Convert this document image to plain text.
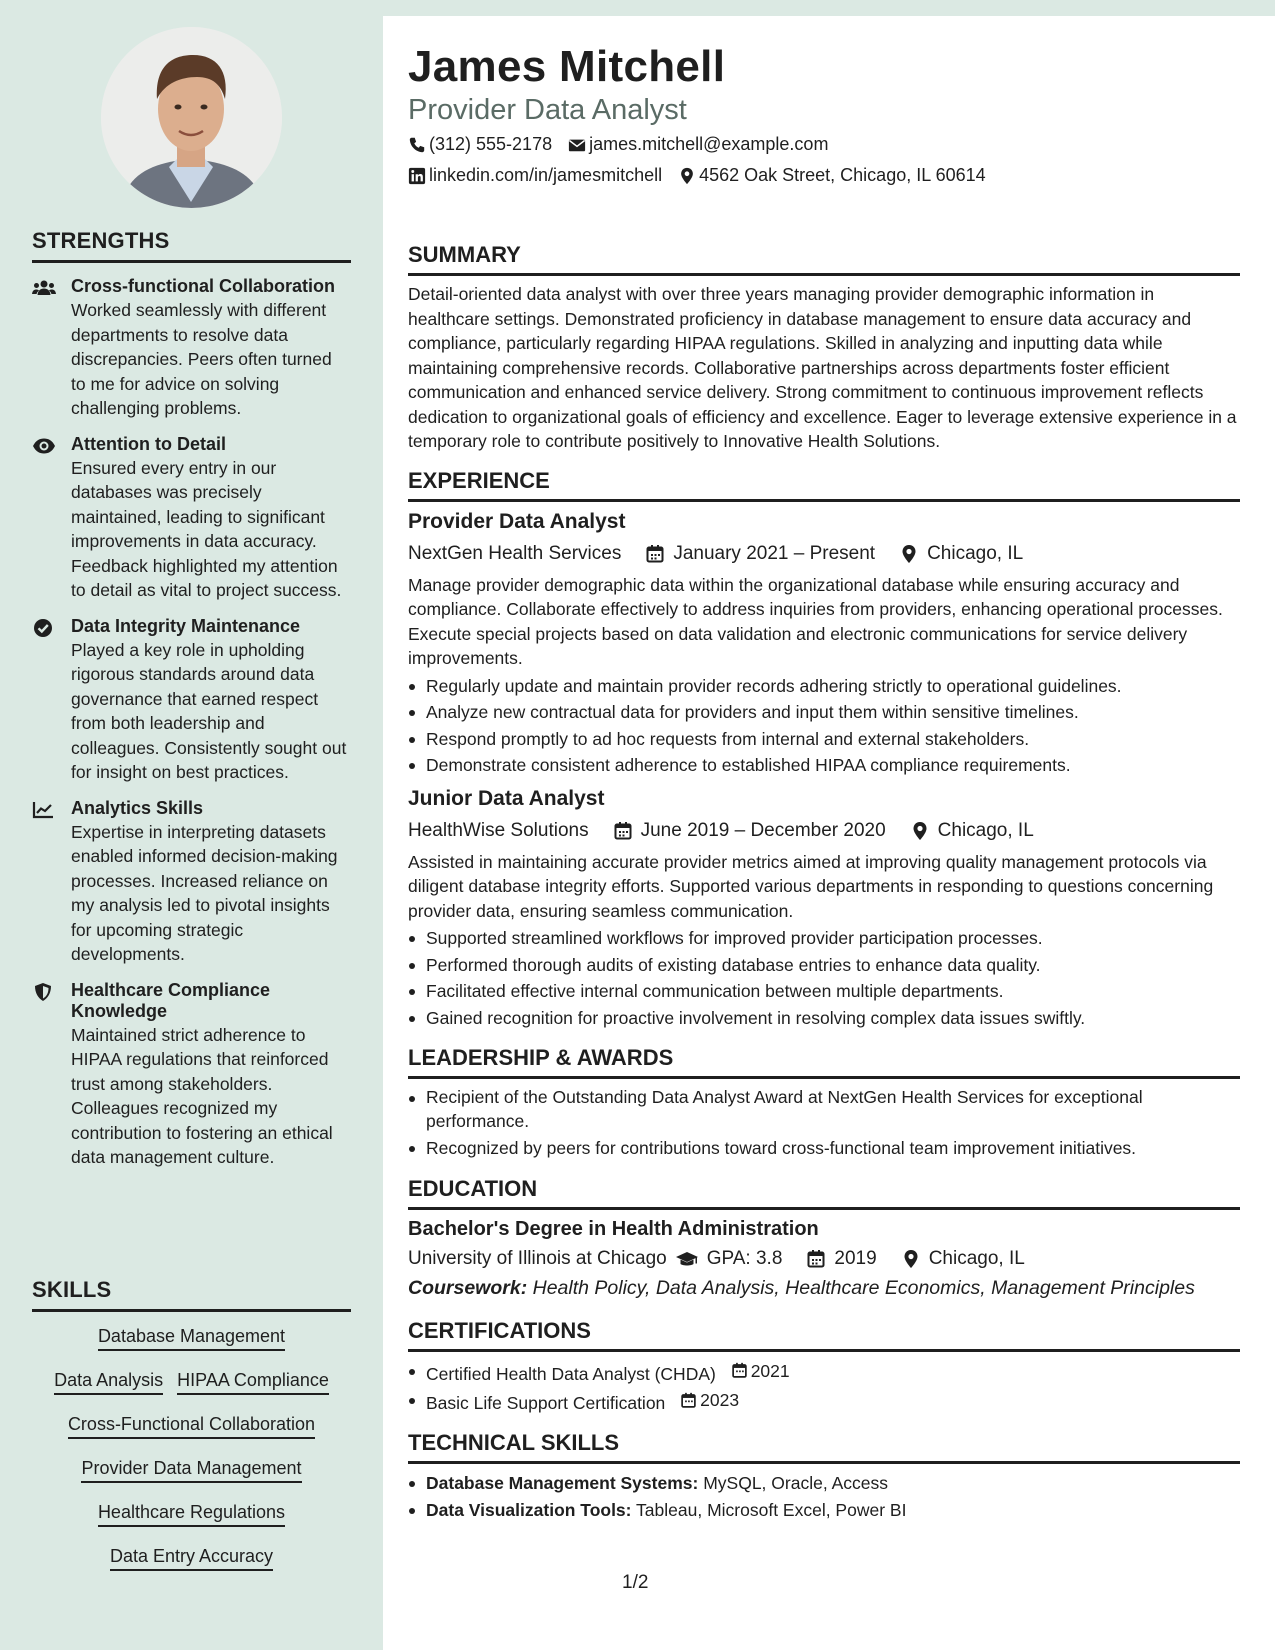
STRENGTHS
Cross-functional Collaboration
Worked seamlessly with different departments to resolve data discrepancies. Peers often turned to me for advice on solving challenging problems.
Attention to Detail
Ensured every entry in our databases was precisely maintained, leading to significant improvements in data accuracy. Feedback highlighted my attention to detail as vital to project success.
Data Integrity Maintenance
Played a key role in upholding rigorous standards around data governance that earned respect from both leadership and colleagues. Consistently sought out for insight on best practices.
Analytics Skills
Expertise in interpreting datasets enabled informed decision-making processes. Increased reliance on my analysis led to pivotal insights for upcoming strategic developments.
Healthcare Compliance Knowledge
Maintained strict adherence to HIPAA regulations that reinforced trust among stakeholders. Colleagues recognized my contribution to fostering an ethical data management culture.
SKILLS
Database Management
Data Analysis HIPAA Compliance
Cross-Functional Collaboration
Provider Data Management
Healthcare Regulations
Data Entry Accuracy
James Mitchell
Provider Data Analyst
(312) 555-2178 james.mitchell@example.com
linkedin.com/in/jamesmitchell 4562 Oak Street, Chicago, IL 60614
SUMMARY
Detail-oriented data analyst with over three years managing provider demographic information in healthcare settings. Demonstrated proficiency in database management to ensure data accuracy and compliance, particularly regarding HIPAA regulations. Skilled in analyzing and inputting data while maintaining comprehensive records. Collaborative partnerships across departments foster efficient communication and enhanced service delivery. Strong commitment to continuous improvement reflects dedication to organizational goals of efficiency and excellence. Eager to leverage extensive experience in a temporary role to contribute positively to Innovative Health Solutions.
EXPERIENCE
Provider Data Analyst
NextGen Health Services	January 2021 – Present	Chicago, IL
Manage provider demographic data within the organizational database while ensuring accuracy and compliance. Collaborate effectively to address inquiries from providers, enhancing operational processes. Execute special projects based on data validation and electronic communications for service delivery improvements.
Regularly update and maintain provider records adhering strictly to operational guidelines.
Analyze new contractual data for providers and input them within sensitive timelines.
Respond promptly to ad hoc requests from internal and external stakeholders.
Demonstrate consistent adherence to established HIPAA compliance requirements.
Junior Data Analyst
HealthWise Solutions	June 2019 – December 2020	Chicago, IL
Assisted in maintaining accurate provider metrics aimed at improving quality management protocols via diligent database integrity efforts. Supported various departments in responding to questions concerning provider data, ensuring seamless communication.
Supported streamlined workflows for improved provider participation processes.
Performed thorough audits of existing database entries to enhance data quality.
Facilitated effective internal communication between multiple departments.
Gained recognition for proactive involvement in resolving complex data issues swiftly.
LEADERSHIP & AWARDS
Recipient of the Outstanding Data Analyst Award at NextGen Health Services for exceptional performance.
Recognized by peers for contributions toward cross-functional team improvement initiatives.
EDUCATION
Bachelor's Degree in Health Administration
University of Illinois at Chicago GPA: 3.8	2019	Chicago, IL
Coursework: Health Policy, Data Analysis, Healthcare Economics, Management Principles
CERTIFICATIONS
Certified Health Data Analyst (CHDA) 2021
Basic Life Support Certification 2023
TECHNICAL SKILLS
Database Management Systems: MySQL, Oracle, Access
Data Visualization Tools: Tableau, Microsoft Excel, Power BI
1/2
